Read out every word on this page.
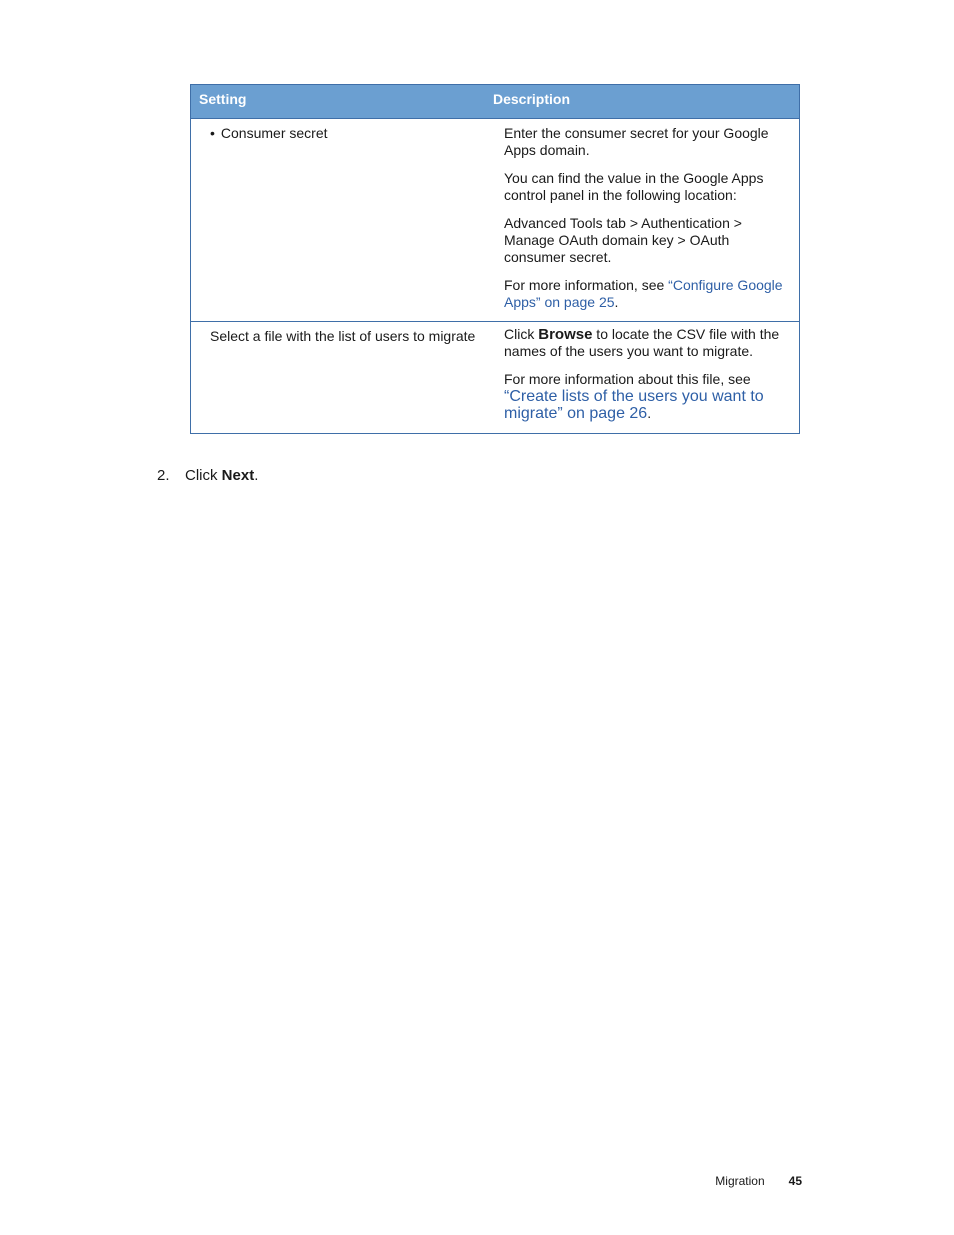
Setting	Description
• Consumer secret	Enter the consumer secret for your Google Apps domain.

You can find the value in the Google Apps control panel in the following location:

Advanced Tools tab > Authentication > Manage OAuth domain key > OAuth consumer secret.

For more information, see “Configure Google Apps” on page 25.

Select a file with the list of users to migrate	Click Browse to locate the CSV file with the names of the users you want to migrate.

For more information about this file, see “Create lists of the users you want to migrate” on page 26.

2. Click Next.
Migration 45
